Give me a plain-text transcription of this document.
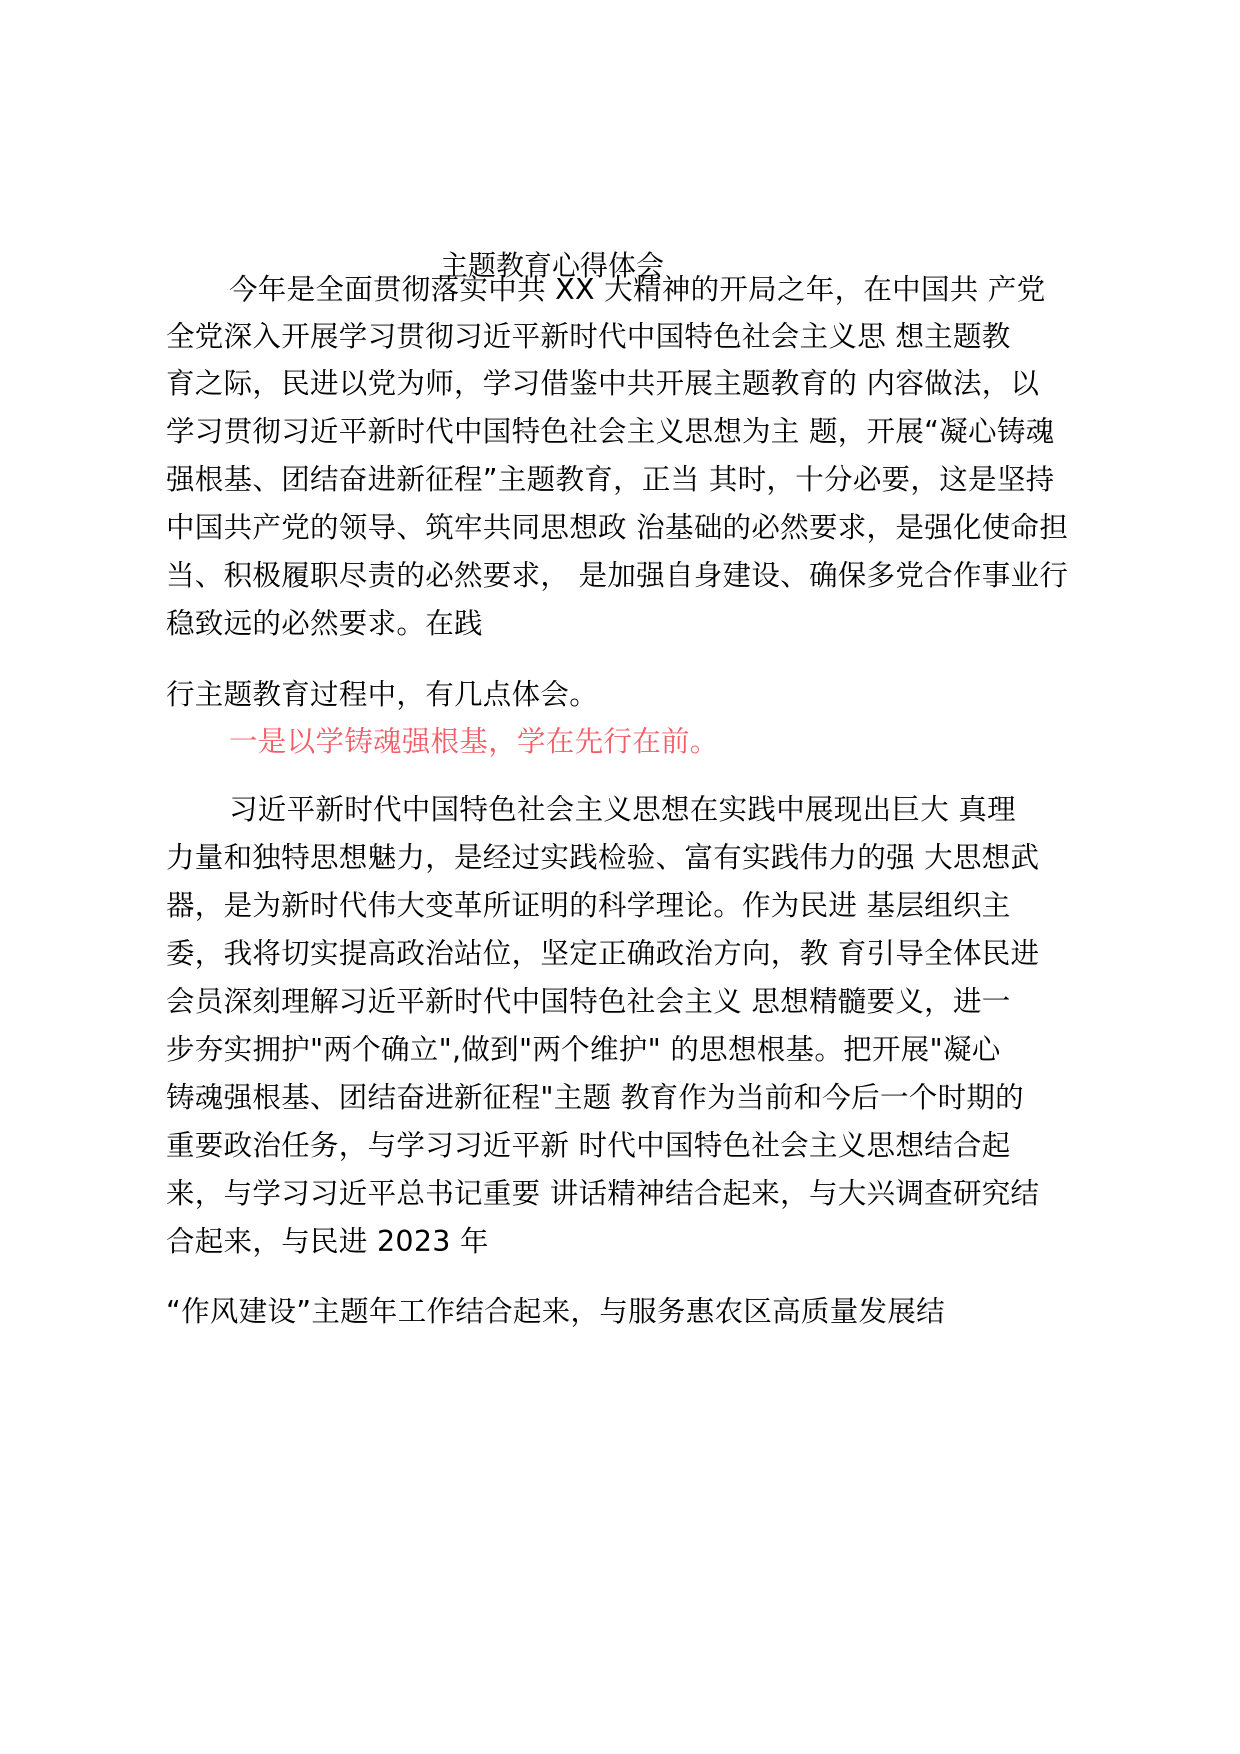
主题教育心得体会
今年是全面贯彻落实中共 XX 大精神的开局之年，在中国共 产党
全党深入开展学习贯彻习近平新时代中国特色社会主义思 想主题教
育之际，民进以党为师，学习借鉴中共开展主题教育的 内容做法，以
学习贯彻习近平新时代中国特色社会主义思想为主 题，开展“凝心铸魂
强根基、团结奋进新征程”主题教育，正当 其时，十分必要，这是坚持
中国共产党的领导、筑牢共同思想政 治基础的必然要求，是强化使命担
当、积极履职尽责的必然要求， 是加强自身建设、确保多党合作事业行
稳致远的必然要求。在践
行主题教育过程中，有几点体会。
一是以学铸魂强根基，学在先行在前。
习近平新时代中国特色社会主义思想在实践中展现出巨大 真理
力量和独特思想魅力，是经过实践检验、富有实践伟力的强 大思想武
器，是为新时代伟大变革所证明的科学理论。作为民进 基层组织主
委，我将切实提高政治站位，坚定正确政治方向，教 育引导全体民进
会员深刻理解习近平新时代中国特色社会主义 思想精髓要义，进一
步夯实拥护"两个确立",做到"两个维护" 的思想根基。把开展"凝心
铸魂强根基、团结奋进新征程"主题 教育作为当前和今后一个时期的
重要政治任务，与学习习近平新 时代中国特色社会主义思想结合起
来，与学习习近平总书记重要 讲话精神结合起来，与大兴调查研究结
合起来，与民进 2023 年
“作风建设”主题年工作结合起来，与服务惠农区高质量发展结
